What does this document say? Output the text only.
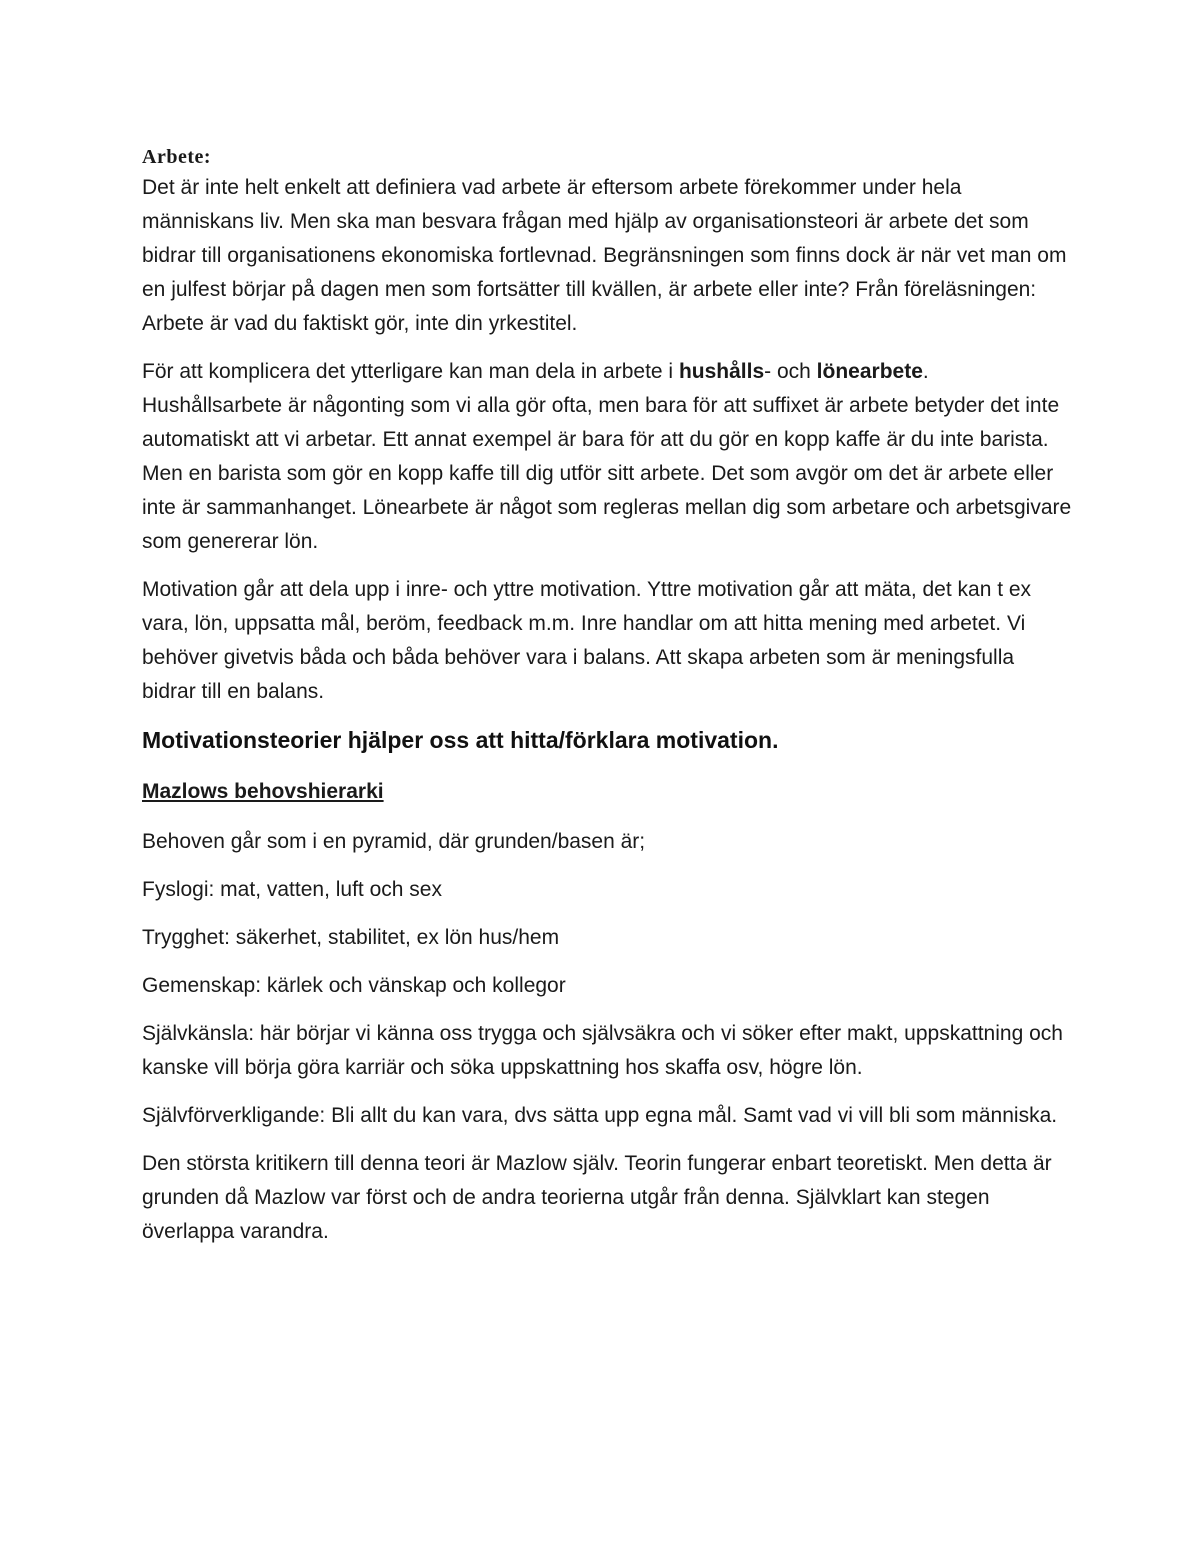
Arbete:

Det är inte helt enkelt att definiera vad arbete är eftersom arbete förekommer under hela människans liv. Men ska man besvara frågan med hjälp av organisationsteori är arbete det som bidrar till organisationens ekonomiska fortlevnad. Begränsningen som finns dock är när vet man om en julfest börjar på dagen men som fortsätter till kvällen, är arbete eller inte? Från föreläsningen: Arbete är vad du faktiskt gör, inte din yrkestitel.

För att komplicera det ytterligare kan man dela in arbete i hushålls- och lönearbete. Hushållsarbete är någonting som vi alla gör ofta, men bara för att suffixet är arbete betyder det inte automatiskt att vi arbetar. Ett annat exempel är bara för att du gör en kopp kaffe är du inte barista. Men en barista som gör en kopp kaffe till dig utför sitt arbete. Det som avgör om det är arbete eller inte är sammanhanget. Lönearbete är något som regleras mellan dig som arbetare och arbetsgivare som genererar lön.

Motivation går att dela upp i inre- och yttre motivation. Yttre motivation går att mäta, det kan t ex vara, lön, uppsatta mål, beröm, feedback m.m. Inre handlar om att hitta mening med arbetet. Vi behöver givetvis båda och båda behöver vara i balans. Att skapa arbeten som är meningsfulla bidrar till en balans.

Motivationsteorier hjälper oss att hitta/förklara motivation.
Mazlows behovshierarki

Behoven går som i en pyramid, där grunden/basen är;

Fyslogi: mat, vatten, luft och sex

Trygghet: säkerhet, stabilitet, ex lön hus/hem

Gemenskap: kärlek och vänskap och kollegor

Självkänsla: här börjar vi känna oss trygga och självsäkra och vi söker efter makt, uppskattning och kanske vill börja göra karriär och söka uppskattning hos skaffa osv, högre lön.

Självförverkligande: Bli allt du kan vara, dvs sätta upp egna mål. Samt vad vi vill bli som människa.

Den största kritikern till denna teori är Mazlow själv. Teorin fungerar enbart teoretiskt. Men detta är grunden då Mazlow var först och de andra teorierna utgår från denna. Självklart kan stegen överlappa varandra.
